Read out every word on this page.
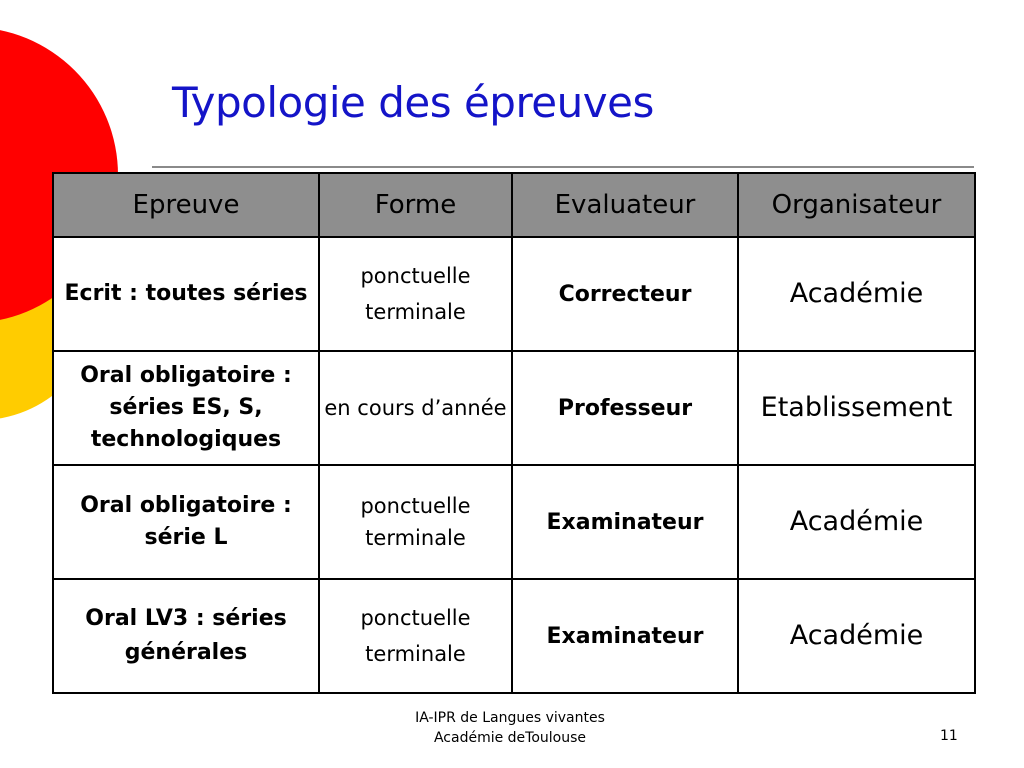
Typologie des épreuves
Epreuve	Forme	Evaluateur	Organisateur
Ecrit : toutes séries	ponctuelle terminale	Correcteur	Académie
Oral obligatoire : séries ES, S, technologiques	en cours d’année	Professeur	Etablissement
Oral obligatoire : série L	ponctuelle terminale	Examinateur	Académie
Oral LV3 : séries générales	ponctuelle terminale	Examinateur	Académie
IA-IPR de Langues vivantes
Académie deToulouse	11
